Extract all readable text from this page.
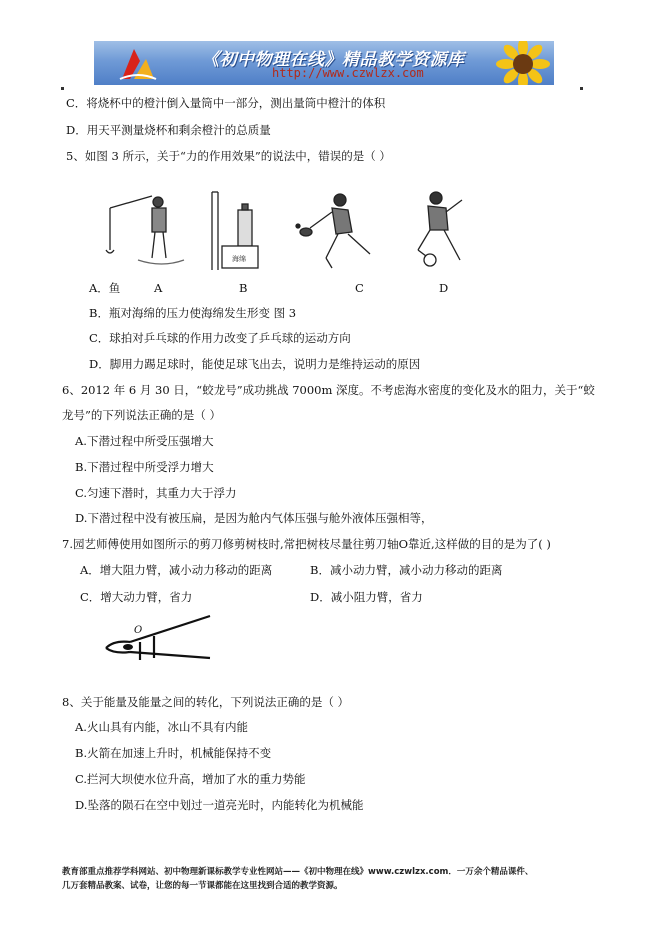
《初中物理在线》精品教学资源库
http://www.czwlzx.com
C．将烧杯中的橙汁倒入量筒中一部分，测出量筒中橙汁的体积
D．用天平测量烧杯和剩余橙汁的总质量
5、如图 3 所示，关于“力的作用效果”的说法中，错误的是（ ）
海绵
A	B	C	D
A．鱼
B．瓶对海绵的压力使海绵发生形变 图 3
C．球拍对乒乓球的作用力改变了乒乓球的运动方向
D．脚用力踢足球时，能使足球飞出去，说明力是维持运动的原因
6、2012 年 6 月 30 日，“蛟龙号”成功挑战 7000m 深度。不考虑海水密度的变化及水的阻力，关于“蛟
龙号”的下列说法正确的是（ ）
A.下潜过程中所受压强增大
B.下潜过程中所受浮力增大
C.匀速下潜时，其重力大于浮力
D.下潜过程中没有被压扁，是因为舱内气体压强与舱外液体压强相等，
7.园艺师傅使用如图所示的剪刀修剪树枝时,常把树枝尽量往剪刀轴O靠近,这样做的目的是为了( )
A．增大阻力臂，减小动力移动的距离	B．减小动力臂，减小动力移动的距离
C．增大动力臂，省力	D．减小阻力臂，省力
O
8、关于能量及能量之间的转化，下列说法正确的是（ ）
A.火山具有内能，冰山不具有内能
B.火箭在加速上升时，机械能保持不变
C.拦河大坝使水位升高，增加了水的重力势能
D.坠落的陨石在空中划过一道亮光时，内能转化为机械能
教育部重点推荐学科网站、初中物理新课标教学专业性网站——《初中物理在线》www.czwlzx.com．一万余个精品课件、
几万套精品教案、试卷，让您的每一节课都能在这里找到合适的教学资源。
